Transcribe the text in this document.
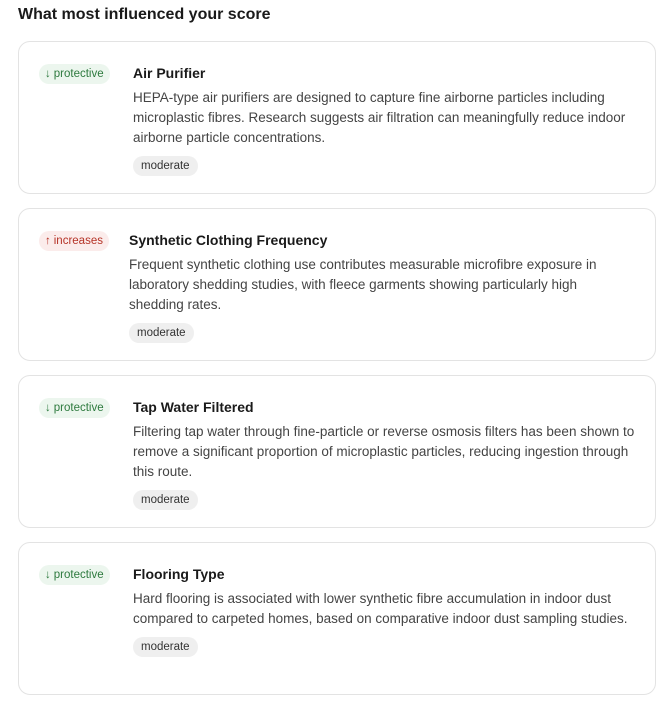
What most influenced your score
↓ protective	Air Purifier

HEPA-type air purifiers are designed to capture fine airborne particles including microplastic fibres. Research suggests air filtration can meaningfully reduce indoor airborne particle concentrations.

moderate
↑ increases	Synthetic Clothing Frequency

Frequent synthetic clothing use contributes measurable microfibre exposure in laboratory shedding studies, with fleece garments showing particularly high shedding rates.

moderate
↓ protective	Tap Water Filtered

Filtering tap water through fine-particle or reverse osmosis filters has been shown to remove a significant proportion of microplastic particles, reducing ingestion through this route.

moderate
↓ protective	Flooring Type

Hard flooring is associated with lower synthetic fibre accumulation in indoor dust compared to carpeted homes, based on comparative indoor dust sampling studies.

moderate
